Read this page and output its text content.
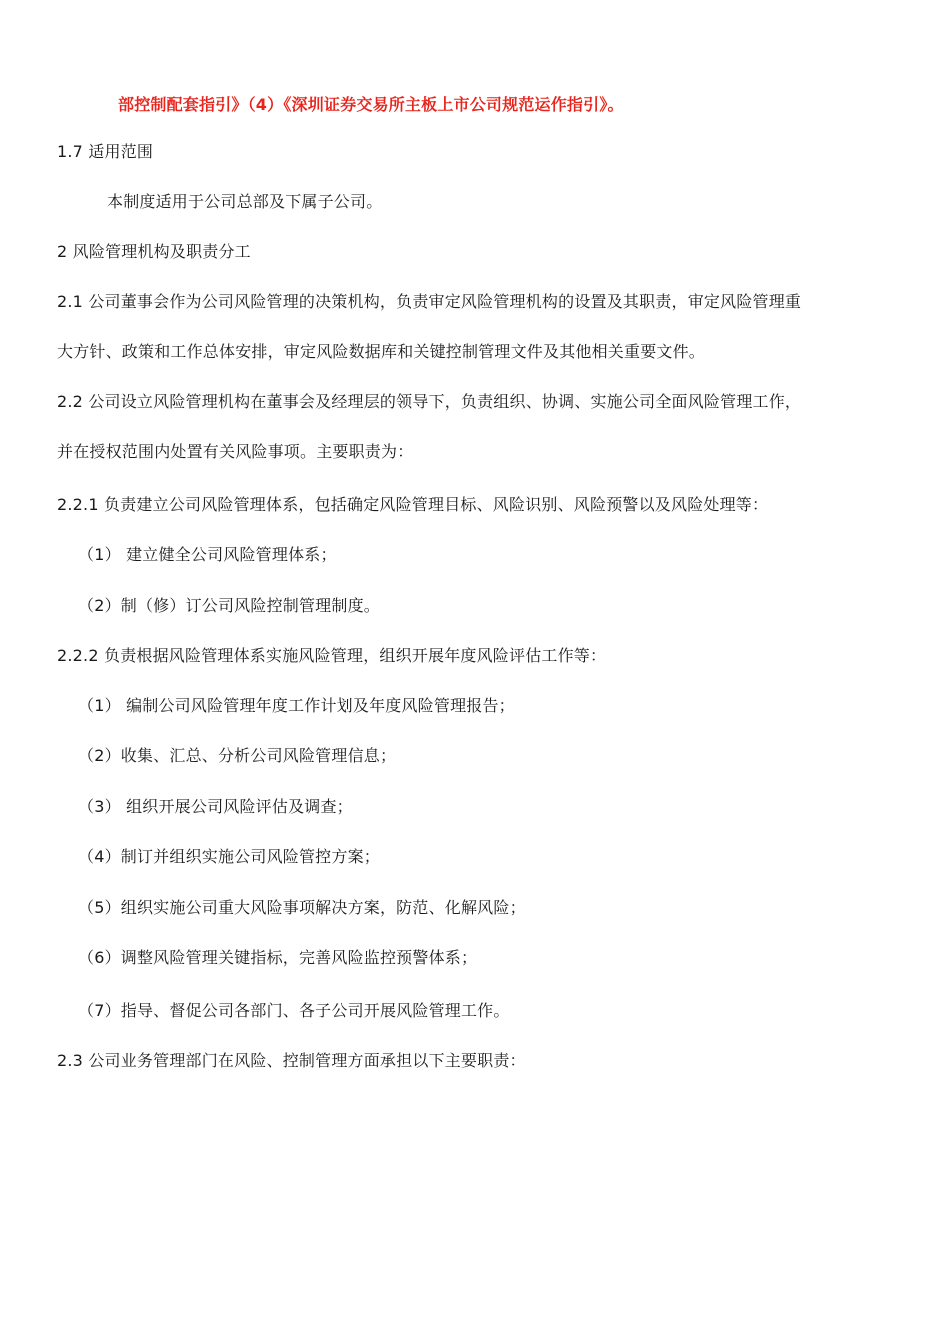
部控制配套指引》（4）《深圳证券交易所主板上市公司规范运作指引》。
1.7 适用范围
本制度适用于公司总部及下属子公司。
2 风险管理机构及职责分工
2.1 公司董事会作为公司风险管理的决策机构，负责审定风险管理机构的设置及其职责，审定风险管理重
大方针、政策和工作总体安排，审定风险数据库和关键控制管理文件及其他相关重要文件。
2.2 公司设立风险管理机构在董事会及经理层的领导下，负责组织、协调、实施公司全面风险管理工作，
并在授权范围内处置有关风险事项。主要职责为：
2.2.1 负责建立公司风险管理体系，包括确定风险管理目标、风险识别、风险预警以及风险处理等：
（1） 建立健全公司风险管理体系；
（2）制（修）订公司风险控制管理制度。
2.2.2 负责根据风险管理体系实施风险管理，组织开展年度风险评估工作等：
（1） 编制公司风险管理年度工作计划及年度风险管理报告；
（2）收集、汇总、分析公司风险管理信息；
（3） 组织开展公司风险评估及调查；
（4）制订并组织实施公司风险管控方案；
（5）组织实施公司重大风险事项解决方案，防范、化解风险；
（6）调整风险管理关键指标，完善风险监控预警体系；
（7）指导、督促公司各部门、各子公司开展风险管理工作。
2.3 公司业务管理部门在风险、控制管理方面承担以下主要职责：
